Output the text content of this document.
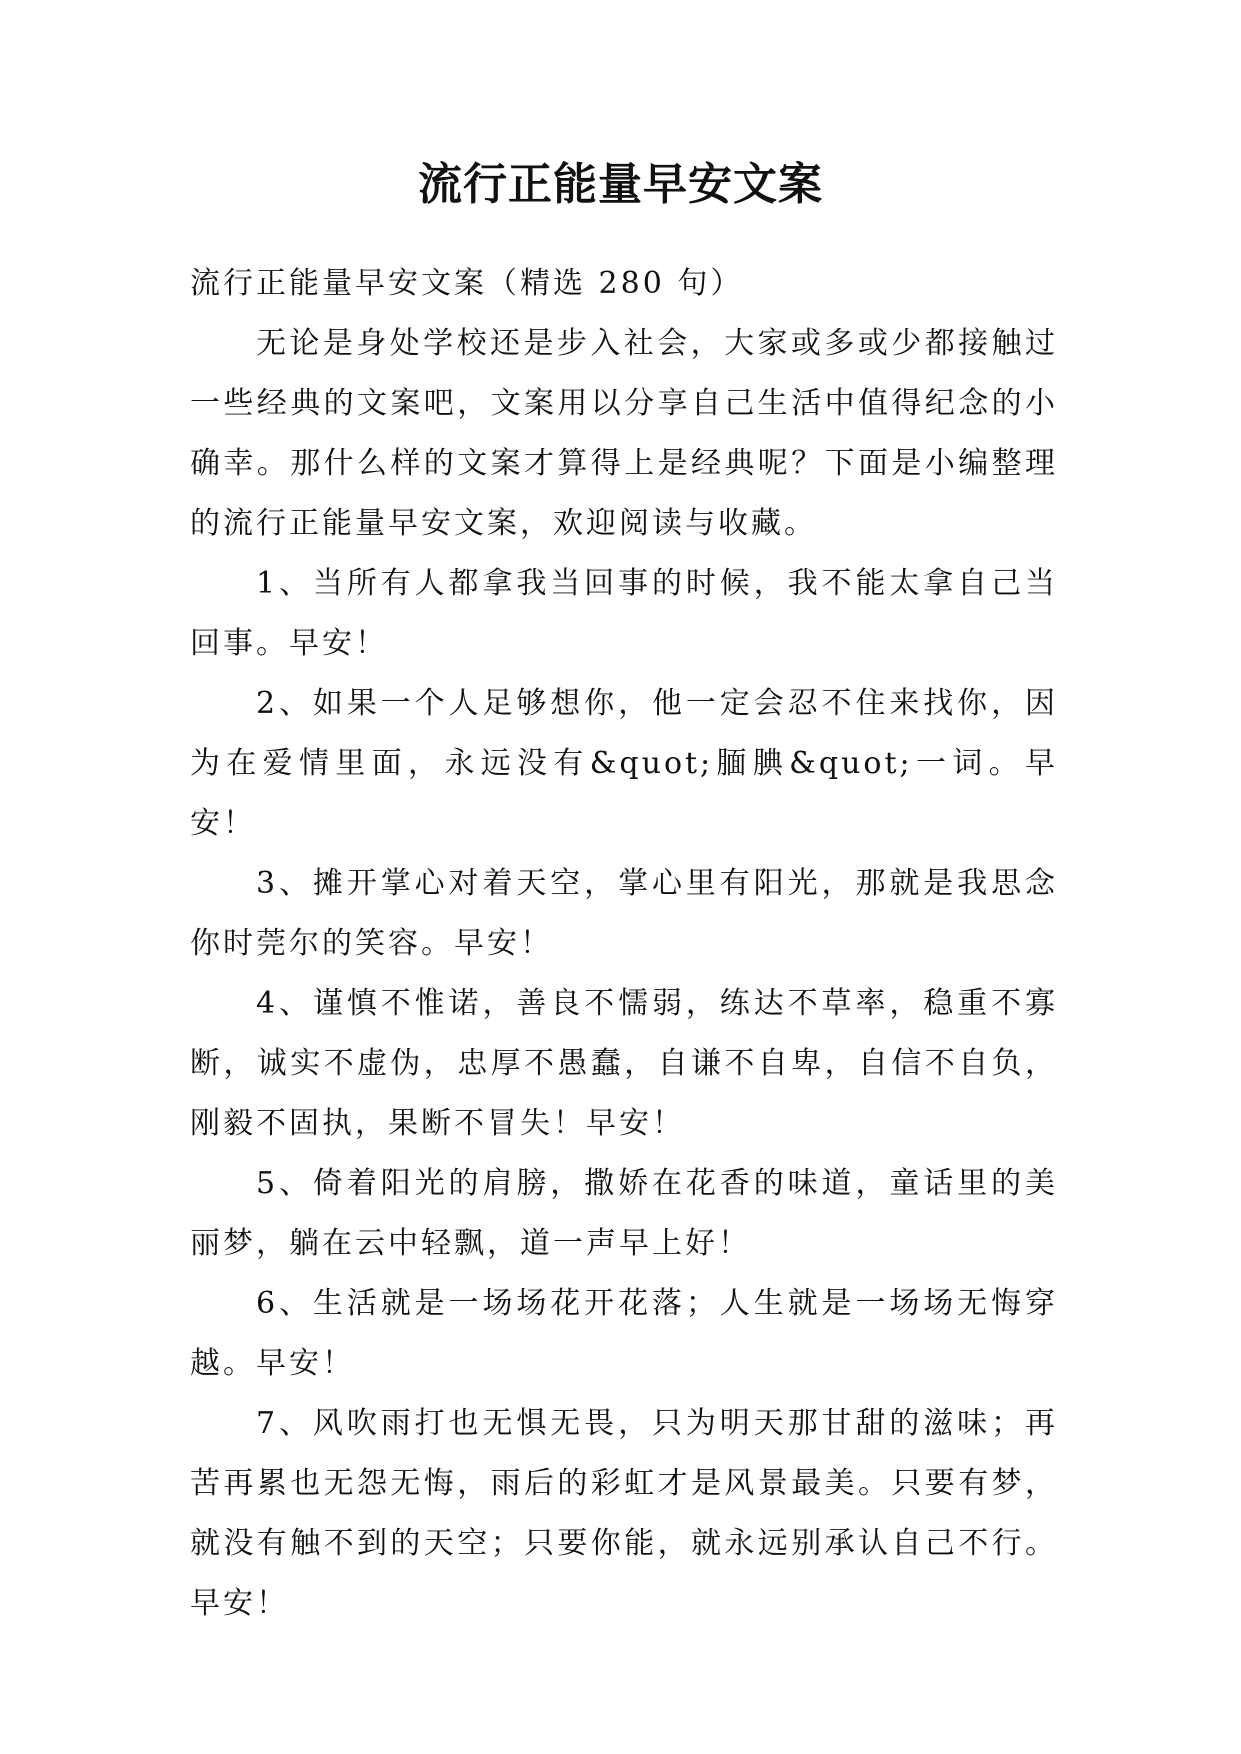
流行正能量早安文案

流行正能量早安文案（精选 280 句）

无论是身处学校还是步入社会，大家或多或少都接触过一些经典的文案吧，文案用以分享自己生活中值得纪念的小确幸。那什么样的文案才算得上是经典呢？下面是小编整理的流行正能量早安文案，欢迎阅读与收藏。

1、当所有人都拿我当回事的时候，我不能太拿自己当回事。早安！

2、如果一个人足够想你，他一定会忍不住来找你，因为在爱情里面，永远没有&quot;腼腆&quot;一词。早安！

3、摊开掌心对着天空，掌心里有阳光，那就是我思念你时莞尔的笑容。早安！

4、谨慎不惟诺，善良不懦弱，练达不草率，稳重不寡断，诚实不虚伪，忠厚不愚蠢，自谦不自卑，自信不自负，刚毅不固执，果断不冒失！早安！

5、倚着阳光的肩膀，撒娇在花香的味道，童话里的美丽梦，躺在云中轻飘，道一声早上好！

6、生活就是一场场花开花落；人生就是一场场无悔穿越。早安！

7、风吹雨打也无惧无畏，只为明天那甘甜的滋味；再苦再累也无怨无悔，雨后的彩虹才是风景最美。只要有梦，就没有触不到的天空；只要你能，就永远别承认自己不行。早安！
